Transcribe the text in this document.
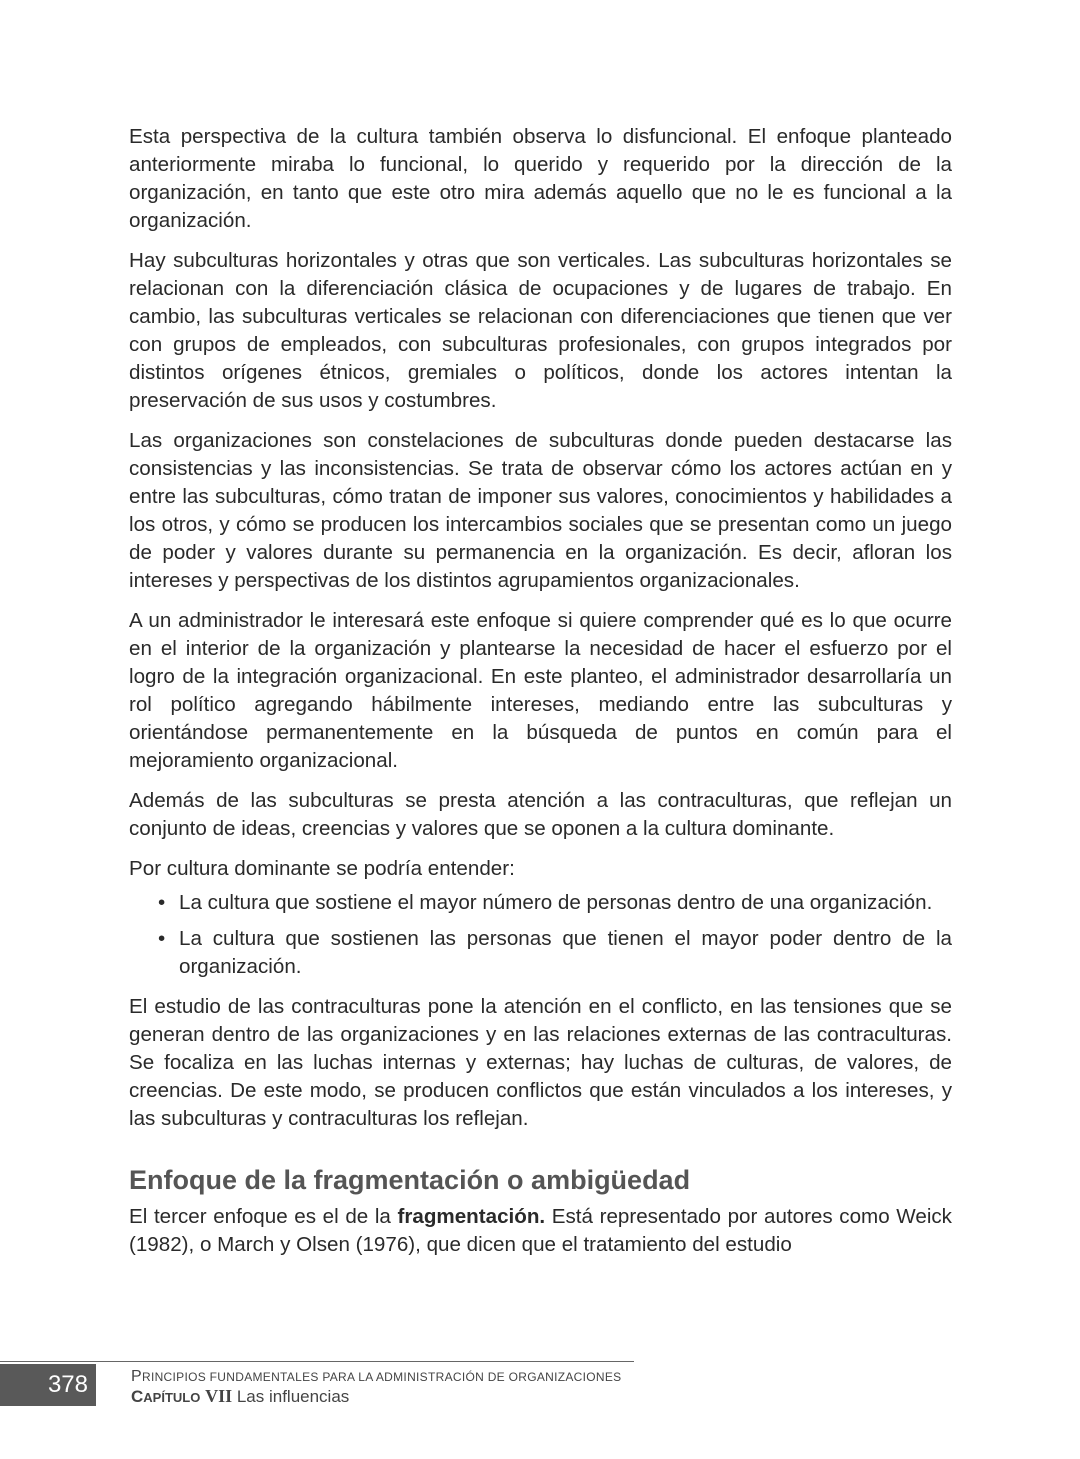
Esta perspectiva de la cultura también observa lo disfuncional. El enfoque planteado anteriormente miraba lo funcional, lo querido y requerido por la dirección de la organización, en tanto que este otro mira además aquello que no le es funcional a la organización.

Hay subculturas horizontales y otras que son verticales. Las subculturas horizontales se relacionan con la diferenciación clásica de ocupaciones y de lugares de trabajo. En cambio, las subculturas verticales se relacionan con diferenciaciones que tienen que ver con grupos de empleados, con subculturas profesionales, con grupos integrados por distintos orígenes étnicos, gremiales o políticos, donde los actores intentan la preservación de sus usos y costumbres.

Las organizaciones son constelaciones de subculturas donde pueden destacarse las consistencias y las inconsistencias. Se trata de observar cómo los actores actúan en y entre las subculturas, cómo tratan de imponer sus valores, conocimientos y habilidades a los otros, y cómo se producen los intercambios sociales que se presentan como un juego de poder y valores durante su permanencia en la organización. Es decir, afloran los intereses y perspectivas de los distintos agrupamientos organizacionales.

A un administrador le interesará este enfoque si quiere comprender qué es lo que ocurre en el interior de la organización y plantearse la necesidad de hacer el esfuerzo por el logro de la integración organizacional. En este planteo, el administrador desarrollaría un rol político agregando hábilmente intereses, mediando entre las subculturas y orientándose permanentemente en la búsqueda de puntos en común para el mejoramiento organizacional.

Además de las subculturas se presta atención a las contraculturas, que reflejan un conjunto de ideas, creencias y valores que se oponen a la cultura dominante.

Por cultura dominante se podría entender:

• La cultura que sostiene el mayor número de personas dentro de una organización.
• La cultura que sostienen las personas que tienen el mayor poder dentro de la organización.

El estudio de las contraculturas pone la atención en el conflicto, en las tensiones que se generan dentro de las organizaciones y en las relaciones externas de las contraculturas. Se focaliza en las luchas internas y externas; hay luchas de culturas, de valores, de creencias. De este modo, se producen conflictos que están vinculados a los intereses, y las subculturas y contraculturas los reflejan.

Enfoque de la fragmentación o ambigüedad

El tercer enfoque es el de la fragmentación. Está representado por autores como Weick (1982), o March y Olsen (1976), que dicen que el tratamiento del estudio

378	PRINCIPIOS FUNDAMENTALES PARA LA ADMINISTRACIÓN DE ORGANIZACIONES
CAPÍTULO VII Las influencias
